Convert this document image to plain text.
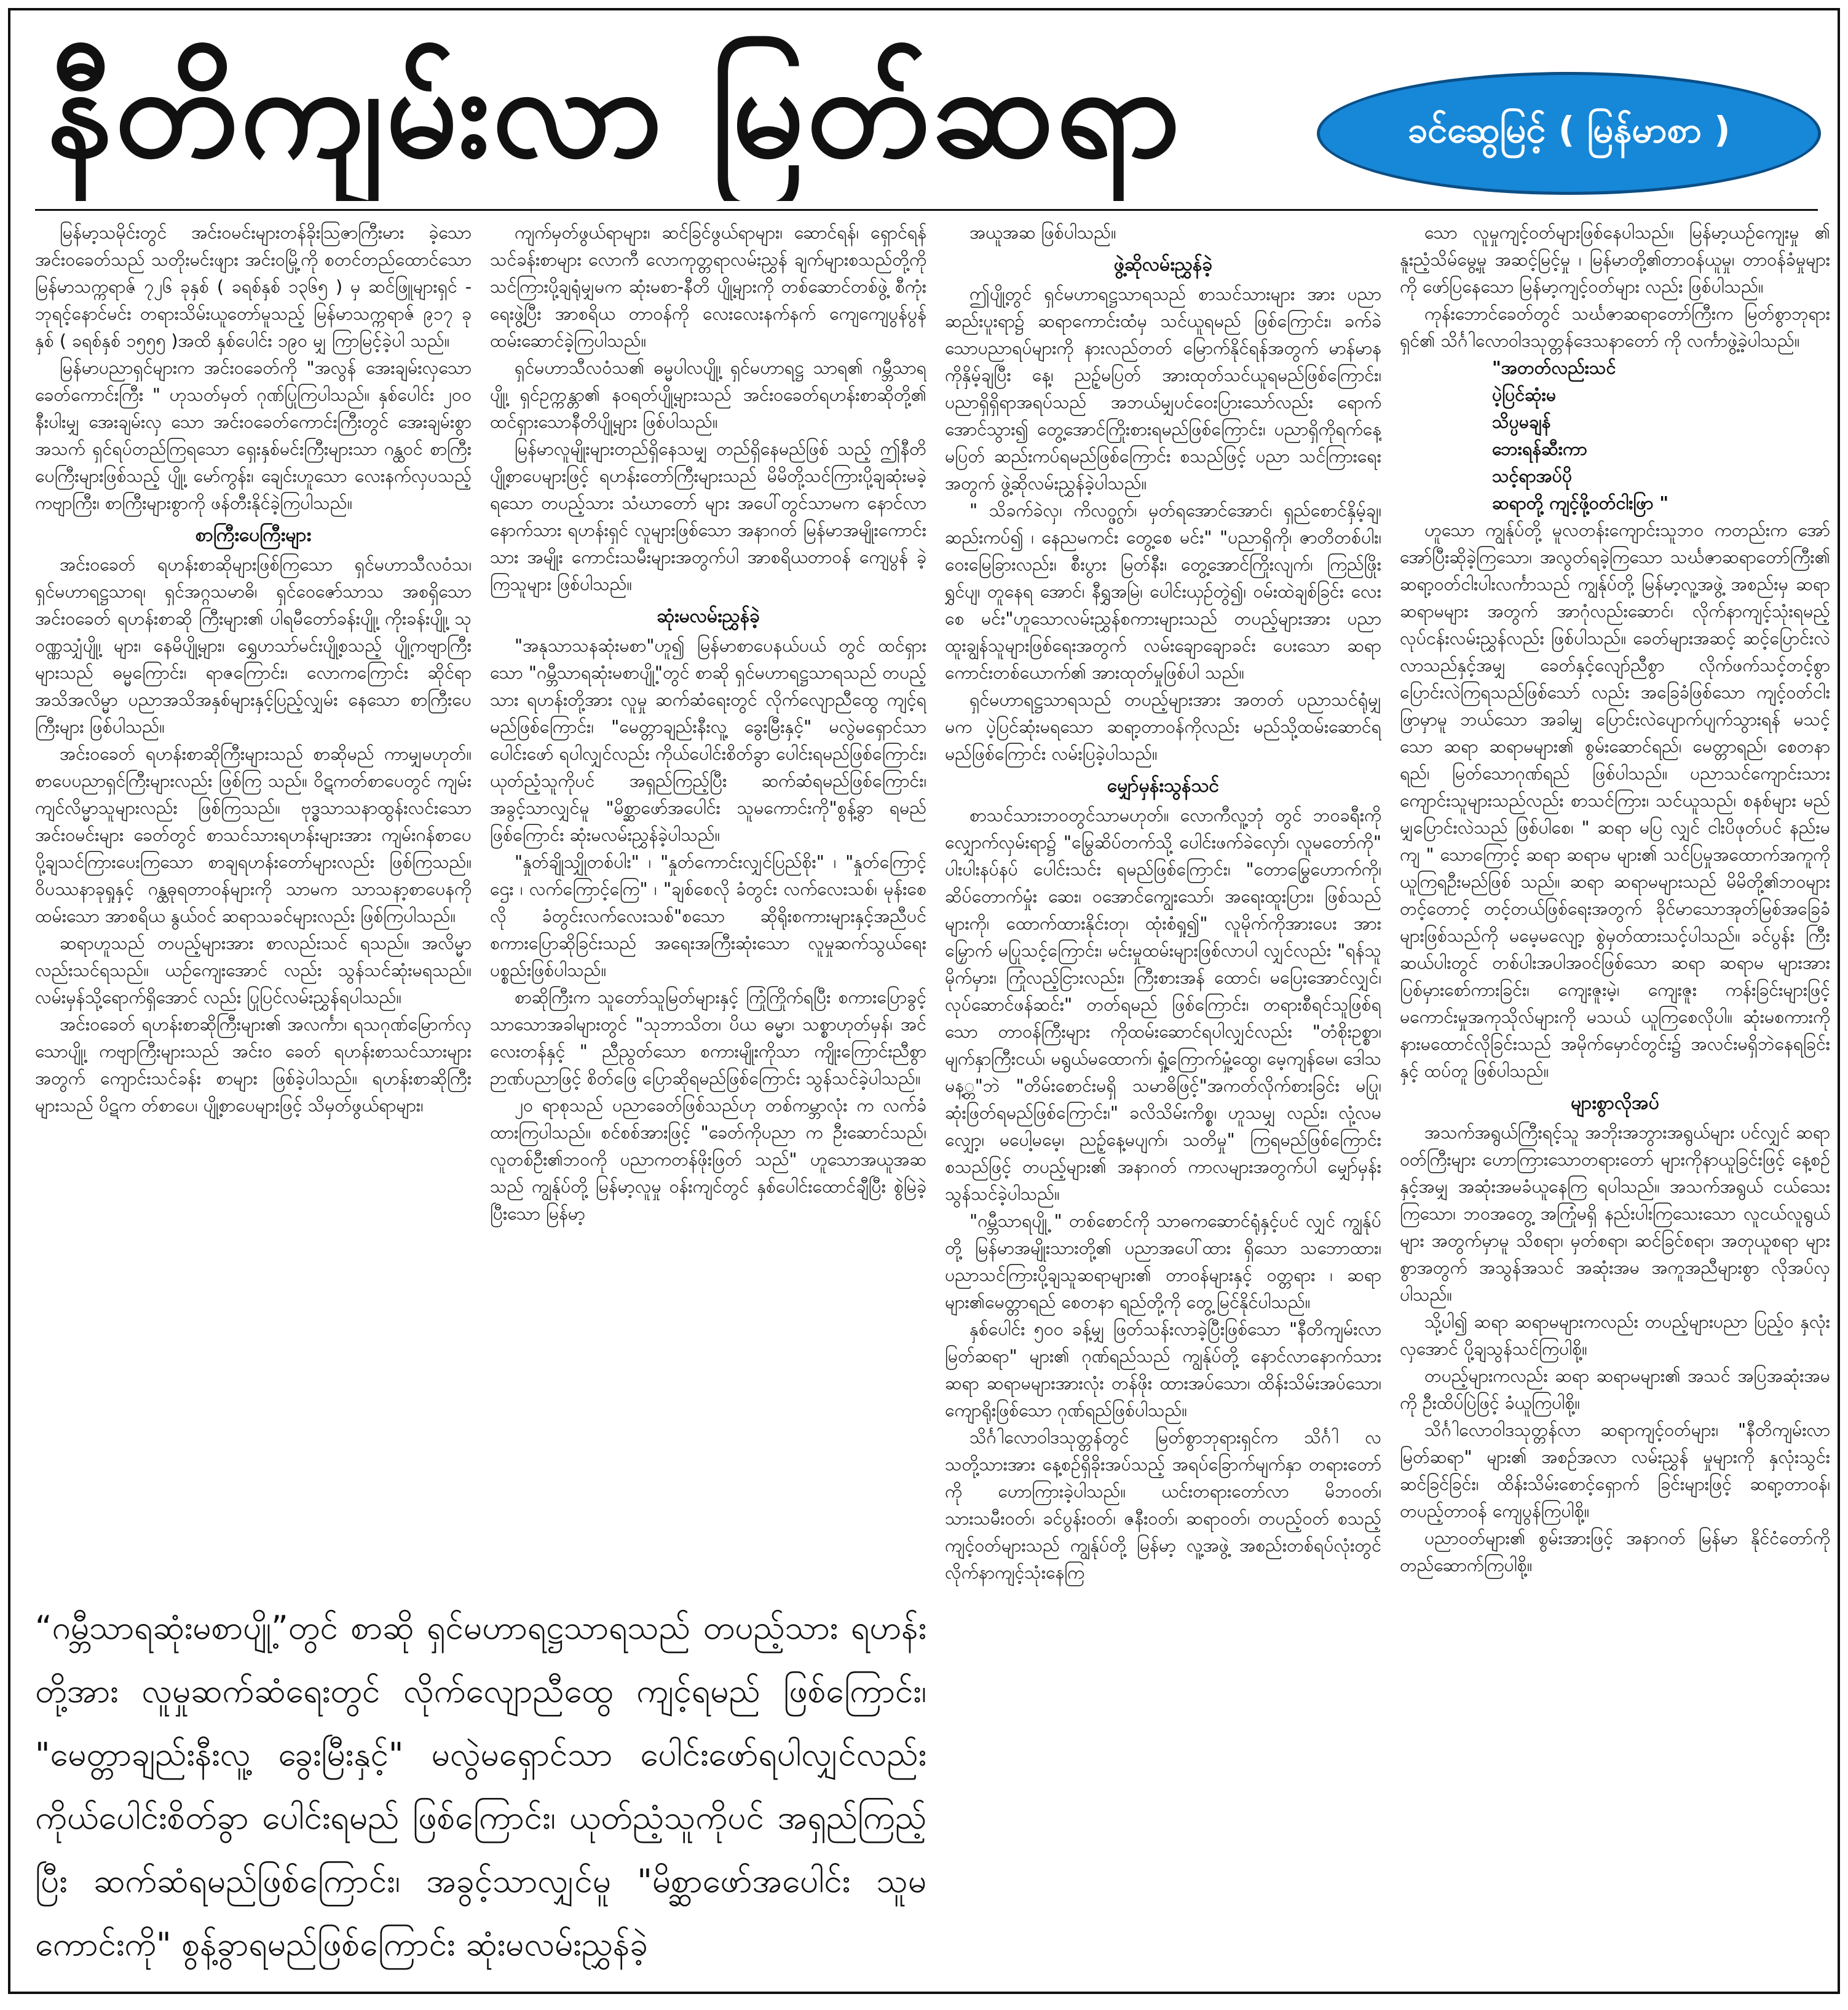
နီတိကျမ်းလာ မြတ်ဆရာ	ခင်ဆွေမြင့် ( မြန်မာစာ )

မြန်မာ့သမိုင်းတွင် အင်းဝမင်းများတန်ခိုးဩဇာကြီးမား ခဲ့သော အင်းဝခေတ်သည် သတိုးမင်းဖျား အင်းဝမြို့ကို စတင်တည်ထောင်သော မြန်မာသက္ကရာဇ် ၇၂၆ ခုနှစ် ( ခရစ်နှစ် ၁၃၆၅ ) မှ ဆင်ဖြူများရှင် - ဘုရင့်နောင်မင်း တရားသိမ်းယူတော်မူသည့် မြန်မာသက္ကရာဇ် ၉၁၇ ခုနှစ် ( ခရစ်နှစ် ၁၅၅၅ )အထိ နှစ်ပေါင်း ၁၉၀ မျှ ကြာမြင့်ခဲ့ပါ သည်။

မြန်မာပညာရှင်များက အင်းဝခေတ်ကို "အလွန် အေးချမ်းလှသောခေတ်ကောင်းကြီး " ဟုသတ်မှတ် ဂုဏ်ပြုကြပါသည်။ နှစ်ပေါင်း ၂၀၀ နီးပါးမျှ အေးချမ်းလှ သော အင်းဝခေတ်ကောင်းကြီးတွင် အေးချမ်းစွာအသက် ရှင်ရပ်တည်ကြရသော ရှေးနှစ်မင်းကြီးများသာ ဂန္ထဝင် စာကြီးပေကြီးများဖြစ်သည့် ပျို့၊ မော်ကွန်း၊ ချေင်းဟူသော လေးနက်လှပသည့် ကဗျာကြီး၊ စာကြီးများစွာကို ဖန်တီးနိုင်ခဲ့ကြပါသည်။

စာကြီးပေကြီးများ

အင်းဝခေတ် ရဟန်းစာဆိုများဖြစ်ကြသော ရှင်မဟာသီလဝံသ၊ ရှင်မဟာရဋ္ဌသာရ၊ ရှင်အဂ္ဂသမာဓိ၊ ရှင်ဝေဇော်သာသ အစရှိသော အင်းဝခေတ် ရဟန်းစာဆို ကြီးများ၏ ပါရမီတော်ခန်းပျို့၊ ကိုးခန်းပျို့၊ သုဝဏ္ဏသျှံပျို့၊ များ၊ နေမိပျို့များ၊ ရွှေဟသာ်မင်းပျို့စသည့် ပျို့ကဗျာကြီး များသည် ဓမ္မကြောင်း၊ ရာဇကြောင်း၊ လောကကြောင်း ဆိုင်ရာ အသိအလိမ္မာ ပညာအသိအနှစ်များနှင့်ပြည့်လျှမ်း နေသော စာကြီးပေကြီးများ ဖြစ်ပါသည်။

အင်းဝခေတ် ရဟန်းစာဆိုကြီးများသည် စာဆိုမည် ကာမျှမဟုတ်။ စာပေပညာရှင်ကြီးများလည်း ဖြစ်ကြ သည်။ ဝိဋကတ်စာပေတွင် ကျမ်းကျင်လိမ္မာသူများလည်း ဖြစ်ကြသည်။ ဗုဒ္ဓသာသနာထွန်းလင်းသော အင်းဝမင်းများ ခေတ်တွင် စာသင်သားရဟန်းများအား ကျမ်းဂန်စာပေ ပို့ချသင်ကြားပေးကြသော စာချရဟန်းတော်များလည်း ဖြစ်ကြသည်။ ဝိပဿနာခုရှုနှင့် ဂန္ထဓုရတာဝန်များကို သာမက သာသနာ့စာပေနကိုထမ်းသော အာစရိယ နွယ်ဝင် ဆရာသခင်များလည်း ဖြစ်ကြပါသည်။

ဆရာဟူသည် တပည့်များအား စာလည်းသင် ရသည်။ အလိမ္မာလည်းသင်ရသည်။ ယဉ်ကျေးအောင် လည်း သွန်သင်ဆုံးမရသည်။ လမ်းမှန်သို့ရောက်ရှိအောင် လည်း ပြုပြင်လမ်းညွှန်ရပါသည်။

အင်းဝခေတ် ရဟန်းစာဆိုကြီးများ၏ အလင်္ကာ၊ ရသဂုဏ်မြောက်လှသောပျို့၊ ကဗျာကြီးများသည် အင်းဝ ခေတ် ရဟန်းစာသင်သားများအတွက် ကျောင်းသင်ခန်း စာများ ဖြစ်ခဲ့ပါသည်။ ရဟန်းစာဆိုကြီးများသည် ပိဋက တ်စာပေ၊ ပျို့စာပေများဖြင့် သိမှတ်ဖွယ်ရာများ၊

ကျက်မှတ်ဖွယ်ရာများ၊ ဆင်ခြင်ဖွယ်ရာများ၊ ဆောင်ရန်၊ ရှောင်ရန် သင်ခန်းစာများ လောကီ လောကုတ္တရာလမ်းညွှန် ချက်များစသည်တို့ကို သင်ကြားပို့ချရုံမျှမက ဆုံးမစာ-နီတိ ပျို့များကို တစ်ဆောင်တစ်ဖွဲ့ စီကုံးရေးဖွဲ့ပြီး အာစရိယ တာဝန်ကို လေးလေးနက်နက် ကျေကျေပွန်ပွန် ထမ်းဆောင်ခဲ့ကြပါသည်။

ရှင်မဟာသီလဝံသ၏ ဓမ္မပါလပျို့၊ ရှင်မဟာရဋ္ဌ သာရ၏ ဂမ္ဘီသာရပျို့၊ ရှင်ဥက္ကန္တာ၏ နဝရတ်ပျို့များသည် အင်းဝခေတ်ရဟန်းစာဆိုတို့၏ ထင်ရှားသောနီတိပျို့များ ဖြစ်ပါသည်။

မြန်မာလူမျိုးများတည်ရှိနေသမျှ တည်ရှိနေမည်ဖြစ် သည့် ဤနီတိပျို့စာပေများဖြင့် ရဟန်းတော်ကြီးများသည် မိမိတို့သင်ကြားပို့ချဆုံးမခဲ့ရသော တပည့်သား သံဃာတော် များ အပေါ်တွင်သာမက နောင်လာနောက်သား ရဟန်းရှင် လူများဖြစ်သော အနာဂတ် မြန်မာအမျိုးကောင်းသား အမျိုး ကောင်းသမီးများအတွက်ပါ အာစရိယတာဝန် ကျေပွန် ခဲ့ကြသူများ ဖြစ်ပါသည်။

ဆုံးမလမ်းညွှန်ခဲ့

"အနုသာသနဆုံးမစာ"ဟူ၍ မြန်မာစာပေနယ်ပယ် တွင် ထင်ရှားသော "ဂမ္ဘီသာရဆုံးမစာပျို့"တွင် စာဆို ရှင်မဟာရဋ္ဌသာရသည် တပည့်သား ရဟန်းတို့အား လူမှု ဆက်ဆံရေးတွင် လိုက်လျောညီထွေ ကျင့်ရမည်ဖြစ်ကြောင်း၊ "မေတ္တာချည်းနီးလူ့ ခွေးမြီးနှင့်" မလွဲမရှောင်သာ ပေါင်းဖော် ရပါလျှင်လည်း ကိုယ်ပေါင်းစိတ်ခွာ ပေါင်းရမည်ဖြစ်ကြောင်း၊ ယုတ်ညံ့သူကိုပင် အရှည်ကြည့်ပြီး ဆက်ဆံရမည်ဖြစ်ကြောင်း၊ အခွင့်သာလျှင်မူ "မိစ္ဆာဖော်အပေါင်း သူမကောင်းကို"စွန့်ခွာ ရမည်ဖြစ်ကြောင်း ဆုံးမလမ်းညွှန်ခဲ့ပါသည်။

"နှုတ်ချိုသျှိုတစ်ပါး" ၊ "နှုတ်ကောင်းလျှင်ပြည်စိုး" ၊ "နှုတ်ကြောင့်ဌေး ၊ လက်ကြောင့်ကြေ" ၊ "ချစ်စေလို ခံတွင်း လက်လေးသစ်၊ မုန်းစေလို ခံတွင်းလက်လေးသစ်"စသော ဆိုရိုးစကားများနှင့်အညီပင် စကားပြောဆိုခြင်းသည် အရေးအကြီးဆုံးသော လူမှုဆက်သွယ်ရေးပစ္စည်းဖြစ်ပါသည်။

စာဆိုကြီးက သူတော်သူမြတ်များနှင့် ကြုံကြိုက်ရပြီး စကားပြောခွင့်သာသောအခါများတွင် "သုဘာသိတ၊ ပိယ ဓမ္မာ၊ သစ္စာဟုတ်မှန်၊ အင်လေးတန်နှင့် " ညီညွတ်သော စကားမျိုးကိုသာ ကျိုးကြောင်းညီစွာ ဉာဏ်ပညာဖြင့် စိတ်ဖြေ ပြောဆိုရမည်ဖြစ်ကြောင်း သွန်သင်ခဲ့ပါသည်။

၂၀ ရာစုသည် ပညာခေတ်ဖြစ်သည်ဟု တစ်ကမ္ဘာလုံး က လက်ခံထားကြပါသည်။ စင်စစ်အားဖြင့် "ခေတ်ကိုပညာ က ဦးဆောင်သည်၊ လူတစ်ဦး၏ဘဝကို ပညာကတန်ဖိုးဖြတ် သည်" ဟူသောအယူအဆသည် ကျွန်ုပ်တို့ မြန်မာ့လူမှု ဝန်းကျင်တွင် နှစ်ပေါင်းထောင်ချီပြီး စွဲမြဲခဲ့ပြီးသော မြန်မာ့

“ဂမ္ဘီသာရဆုံးမစာပျို့”တွင် စာဆို ရှင်မဟာရဋ္ဌသာရသည် တပည့်သား ရဟန်းတို့အား လူမှုဆက်ဆံရေးတွင် လိုက်လျောညီထွေ ကျင့်ရမည် ဖြစ်ကြောင်း၊ "မေတ္တာချည်းနီးလူ့ ခွေးမြီးနှင့်" မလွဲမရှောင်သာ ပေါင်းဖော်ရပါလျှင်လည်း ကိုယ်ပေါင်းစိတ်ခွာ ပေါင်းရမည် ဖြစ်ကြောင်း၊ ယုတ်ညံ့သူကိုပင် အရှည်ကြည့်ပြီး ဆက်ဆံရမည်ဖြစ်ကြောင်း၊ အခွင့်သာလျှင်မူ "မိစ္ဆာဖော်အပေါင်း သူမကောင်းကို" စွန့်ခွာရမည်ဖြစ်ကြောင်း ဆုံးမလမ်းညွှန်ခဲ့

အယူအဆ ဖြစ်ပါသည်။

ဖွဲ့ဆိုလမ်းညွှန်ခဲ့

ဤပျို့တွင် ရှင်မဟာရဋ္ဌသာရသည် စာသင်သားများ အား ပညာဆည်းပူးရာ၌ ဆရာကောင်းထံမှ သင်ယူရမည် ဖြစ်ကြောင်း၊ ခက်ခဲသောပညာရပ်များကို နားလည်တတ် မြောက်နိုင်ရန်အတွက် မာန်မာနကိုနှိမ့်ချပြီး နေ့၊ ညဥ့်မပြတ် အားထုတ်သင်ယူရမည်ဖြစ်ကြောင်း၊ ပညာရှိရှိရာအရပ်သည် အဘယ်မျှပင်ဝေးပြားသော်လည်း ရောက်အောင်သွား၍ တွေ့အောင်ကြိုးစားရမည်ဖြစ်ကြောင်း၊ ပညာရှိကိုရက်နေ့ မပြတ် ဆည်းကပ်ရမည်ဖြစ်ကြောင်း စသည်ဖြင့် ပညာ သင်ကြားရေးအတွက် ဖွဲ့ဆိုလမ်းညွှန်ခဲ့ပါသည်။

" သိခက်ခဲလှ၊ ကိလဝ္ဖွက်၊ မှတ်ရအောင်အောင်၊ ရှည်စောင်နှိမ့်ချ၊ ဆည်းကပ်၍ ၊ နေညမကင်း တွေ့စေ မင်း" "ပညာရှိကို၊ ဇာတိတစ်ပါး၊ ဝေးမြေခြားလည်း၊ စီးပွား မြတ်နီး၊ တွေ့အောင်ကြိုးလျက်၊ ကြည်ဖြိုးရွှင်ပျ၊ တူနေရ အောင်၊ နီရွှအမြဲ၊ ပေါင်းယှဉ်တွဲ၍၊ ဝမ်းထဲချစ်ခြင်း လေးစေ မင်း"ဟူသောလမ်းညွှန်စကားများသည် တပည့်များအား ပညာထူးချွန်သူများဖြစ်ရေးအတွက် လမ်းချောချောခင်း ပေးသော ဆရာကောင်းတစ်ယောက်၏ အားထုတ်မှုဖြစ်ပါ သည်။

ရှင်မဟာရဋ္ဌသာရသည် တပည့်များအား အတတ် ပညာသင်ရုံမျှမက ပဲ့ပြင်ဆုံးမရသော ဆရာ့တာဝန်ကိုလည်း မည်သို့ထမ်းဆောင်ရမည်ဖြစ်ကြောင်း လမ်းပြခဲ့ပါသည်။

မျှော်မှန်းသွန်သင်

စာသင်သားဘဝတွင်သာမဟုတ်။ လောကီလူ့ဘုံ တွင် ဘဝခရီးကိုလျှောက်လှမ်းရာ၌ "မြွေဆိပ်တက်သို့ ပေါင်းဖက်ခဲလှော်၊ လူမတော်ကို" ပါးပါးနပ်နပ် ပေါင်းသင်း ရမည်ဖြစ်ကြောင်း၊ "တောမြွေဟောက်ကို၊ ဆိပ်တောက်မှုံး ဆေး၊ ဝအောင်ကျွေးသော်၊ အရေးထူးပြား၊ ဖြစ်သည်များကို၊ ထောက်ထားနိုင်းတု၊ ထုံးစံရှု၍" လူမိုက်ကိုအားပေး အားမြှောက် မပြုသင့်ကြောင်း၊ မင်းမှုထမ်းများဖြစ်လာပါ လျှင်လည်း "ရန်သူမိုက်မှား၊ ကြုံလည့်ငြားလည်း၊ ကြီးစားအန် ထောင်၊ မပြေးအောင်လျှင်၊ လုပ်ဆောင်ဖန်ဆင်း" တတ်ရမည် ဖြစ်ကြောင်း၊ တရားစီရင်သူဖြစ်ရသော တာဝန်ကြီးများ ကိုထမ်းဆောင်ရပါလျှင်လည်း "တံစိုးဥစ္စာ၊ မျက်နှာကြီးငယ်၊ မရွယ်မထောက်၊ ရှုံ့ကြောက်မှုံ့ထွေ၊ မေ့ကျန်မေ၊ ဒေါသ မန့္တ"ဘဲ "တိမ်းစောင်းမရှိ သမာဓိဖြင့်"အကတ်လိုက်စားခြင်း မပြု၊ ဆုံးဖြတ်ရမည်ဖြစ်ကြောင်း၊" ခလိသိမ်းကိစ္စ၊ ဟူသမျှ လည်း၊ လုံ့လမလျှော့၊ မပေါ့မမေ့၊ ညဥ့်နေ့မပျက်၊ သတိမှု" ကြရမည်ဖြစ်ကြောင်း စသည်ဖြင့် တပည့်များ၏ အနာဂတ် ကာလများအတွက်ပါ မျှော်မှန်းသွန်သင်ခဲ့ပါသည်။

"ဂမ္ဘီသာရပျို့ " တစ်စောင်ကို သာဓကဆောင်ရုံနှင့်ပင် လျှင် ကျွန်ုပ်တို့ မြန်မာအမျိုးသားတို့၏ ပညာအပေါ်ထား ရှိသော သဘောထား၊ ပညာသင်ကြားပို့ချသူဆရာများ၏ တာဝန်များနှင့် ဝတ္တရား ၊ ဆရာများ၏မေတ္တာရည် စေတနာ ရည်တို့ကို တွေ့မြင်နိုင်ပါသည်။

နှစ်ပေါင်း ၅၀၀ ခန့်မျှ ဖြတ်သန်းလာခဲ့ပြီးဖြစ်သော "နီတိကျမ်းလာ မြတ်ဆရာ" များ၏ ဂုဏ်ရည်သည် ကျွန်ုပ်တို့ နောင်လာနောက်သား ဆရာ ဆရာမများအားလုံး တန်ဖိုး ထားအပ်သော၊ ထိန်းသိမ်းအပ်သော၊ ကျောရိုးဖြစ်သော ဂုဏ်ရည်ဖြစ်ပါသည်။

သိင်္ဂါလောဝါဒသုတ္တန်တွင် မြတ်စွာဘုရားရှင်က သိင်္ဂါ လသတို့သားအား နေ့စဉ်ရှိခိုးအပ်သည့် အရပ်ခြောက်မျက်နှာ တရားတော်ကို ဟောကြားခဲ့ပါသည်။ ယင်းတရားတော်လာ မိဘဝတ်၊ သားသမီးဝတ်၊ ခင်ပွန်းဝတ်၊ ဇနီးဝတ်၊ ဆရာဝတ်၊ တပည့်ဝတ် စသည့်ကျင့်ဝတ်များသည် ကျွန်ုပ်တို့ မြန်မာ့ လူ့အဖွဲ့ အစည်းတစ်ရပ်လုံးတွင် လိုက်နာကျင့်သုံးနေကြ

သော လူမှုကျင့်ဝတ်များဖြစ်နေပါသည်။ မြန်မာ့ယဉ်ကျေးမှု ၏ နူးညံ့သိမ်မွေ့မှု အဆင့်မြင့်မှု ၊ မြန်မာတို့၏တာဝန်ယူမှု၊ တာဝန်ခံမှုများကို ဖော်ပြနေသော မြန်မာ့ကျင့်ဝတ်များ လည်း ဖြစ်ပါသည်။

ကုန်းဘောင်ခေတ်တွင် သင်္ဃဇာဆရာတော်ကြီးက မြတ်စွာဘုရားရှင်၏ သိင်္ဂါလောဝါဒသုတ္တန်ဒေသနာတော် ကို လင်္ကာဖွဲ့ခဲ့ပါသည်။

"အတတ်လည်းသင်

ပဲ့ပြင်ဆုံးမ

သိပ္ပမချန်

ဘေးရန်ဆီးကာ

သင့်ရာအပ်ပို

ဆရာတို့ ကျင့်ဖို့ဝတ်ငါးဖြာ "

ဟူသော ကျွန်ုပ်တို့ မူလတန်းကျောင်းသူဘဝ ကတည်းက အော်အော်ပြီးဆိုခဲ့ကြသော၊ အလွတ်ရခဲ့ကြသော သင်္ဃဇာဆရာတော်ကြီး၏ ဆရာ့ဝတ်ငါးပါးလင်္ကာသည် ကျွန်ုပ်တို့ မြန်မာ့လူ့အဖွဲ့ အစည်းမှ ဆရာ ဆရာမများ အတွက် အာဂုံလည်းဆောင်၊ လိုက်နာကျင့်သုံးရမည့် လုပ်ငန်းလမ်းညွှန်လည်း ဖြစ်ပါသည်။ ခေတ်များအဆင့် ဆင့်ပြောင်းလဲလာသည်နှင့်အမျှ ခေတ်နှင့်လျော်ညီစွာ လိုက်ဖက်သင့်တင့်စွာ ပြောင်းလဲကြရသည်ဖြစ်သော် လည်း အခြေခံဖြစ်သော ကျင့်ဝတ်ငါးဖြာမှာမူ ဘယ်သော အခါမျှ ပြောင်းလဲပျောက်ပျက်သွားရန် မသင့်သော ဆရာ ဆရာမများ၏ စွမ်းဆောင်ရည်၊ မေတ္တာရည်၊ စေတနာရည်၊ မြတ်သောဂုဏ်ရည် ဖြစ်ပါသည်။ ပညာသင်ကျောင်းသား ကျောင်းသူများသည်လည်း စာသင်ကြား၊ သင်ယူသည်၊ စနစ်များ မည်မျှပြောင်းလဲသည် ဖြစ်ပါစေ၊ " ဆရာ မပြ လျှင် ငါးပိဖုတ်ပင် နည်းမကျ " သောကြောင့် ဆရာ ဆရာမ များ၏ သင်ပြမှုအထောက်အကူကို ယူကြရဦးမည်ဖြစ် သည်။ ဆရာ ဆရာမများသည် မိမိတို့၏ဘဝများ တင့်တောင့် တင့်တယ်ဖြစ်ရေးအတွက် ခိုင်မာသောအုတ်မြစ်အခြေခံ များဖြစ်သည်ကို မမေ့မလျော့ စွဲမှတ်ထားသင့်ပါသည်။ ခင်ပွန်း ကြီးဆယ်ပါးတွင် တစ်ပါးအပါအဝင်ဖြစ်သော ဆရာ ဆရာမ များအား ပြစ်မှားစော်ကားခြင်း၊ ကျေးဇူးမဲ့၊ ကျေးဇူး ကန်းခြင်းများဖြင့် မကောင်းမှုအကုသိုလ်များကို မသယ် ယူကြစေလိုပါ။ ဆုံးမစကားကိုနားမထောင်လိုခြင်းသည် အမိုက်မှောင်တွင်း၌ အလင်းမရှိဘဲနေရခြင်းနှင့် ထပ်တူ ဖြစ်ပါသည်။

များစွာလိုအပ်

အသက်အရွယ်ကြီးရင့်သူ အဘိုးအဘွားအရွယ်များ ပင်လျှင် ဆရာဝတ်ကြီးများ ဟောကြားသောတရားတော် များကိုနာယူခြင်းဖြင့် နေ့စဉ်နှင့်အမျှ အဆုံးအမခံယူနေကြ ရပါသည်။ အသက်အရွယ် ငယ်သေးကြသော၊ ဘဝအတွေ့ အကြုံမရှိ နည်းပါးကြသေးသော လူငယ်လူရွယ်များ အတွက်မှာမူ သိစရာ၊ မှတ်စရာ၊ ဆင်ခြင်စရာ၊ အတုယူစရာ များစွာအတွက် အသွန်အသင် အဆုံးအမ အကူအညီများစွာ လိုအပ်လှပါသည်။

သို့ပါ၍ ဆရာ ဆရာမများကလည်း တပည့်များပညာ ပြည့်ဝ နှလုံးလှအောင် ပို့ချသွန်သင်ကြပါစို့။

တပည့်များကလည်း ဆရာ ဆရာမများ၏ အသင် အပြအဆုံးအမကို ဦးထိပ်ပြဲဖြင့် ခံယူကြပါစို့။

သိင်္ဂါလောဝါဒသုတ္တန်လာ ဆရာကျင့်ဝတ်များ၊ "နီတိကျမ်းလာ မြတ်ဆရာ" များ၏ အစဉ်အလာ လမ်းညွှန် မှုများကို နှလုံးသွင်းဆင်ခြင်ခြင်း၊ ထိန်းသိမ်းစောင့်ရှောက် ခြင်းများဖြင့် ဆရာ့တာဝန်၊ တပည့်တာဝန် ကျေပွန်ကြပါစို့။

ပညာဝတ်များ၏ စွမ်းအားဖြင့် အနာဂတ် မြန်မာ နိုင်ငံတော်ကို တည်ဆောက်ကြပါစို့။
